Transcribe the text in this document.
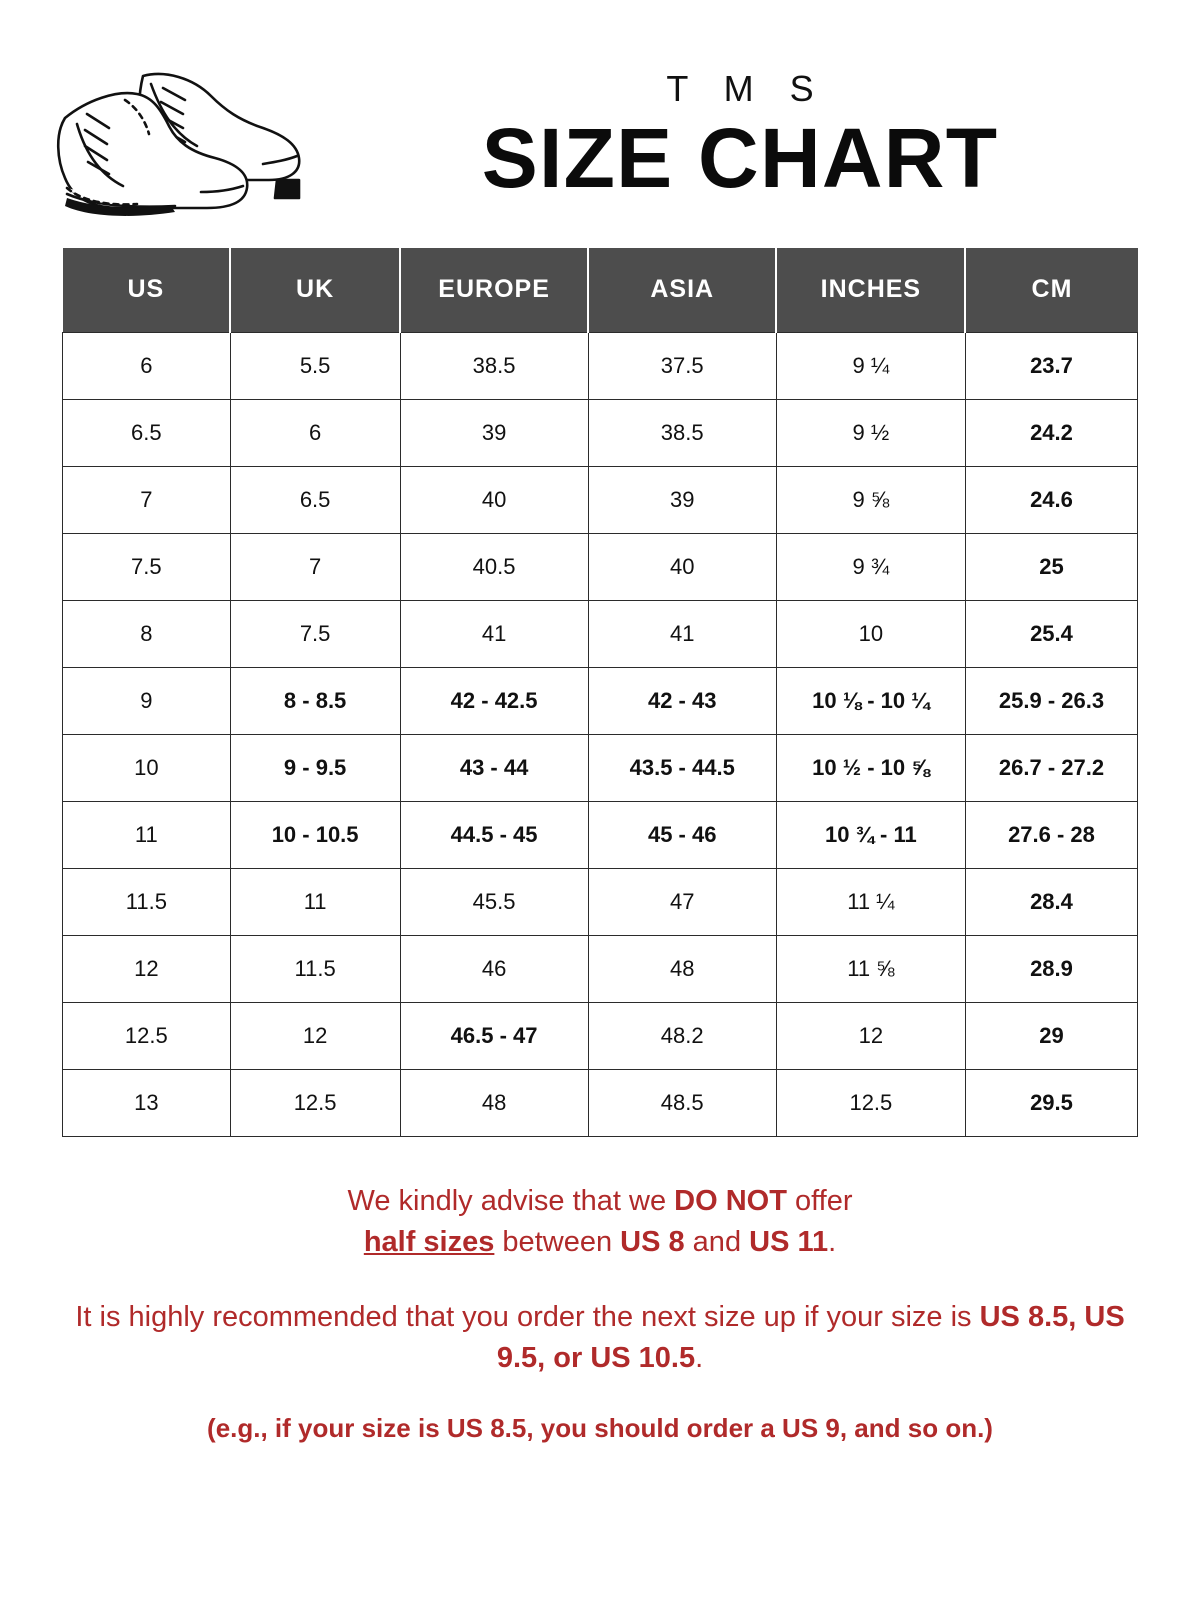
T M S
SIZE CHART
US	UK	EUROPE	ASIA	INCHES	CM
6	5.5	38.5	37.5	9 ¼	23.7
6.5	6	39	38.5	9 ½	24.2
7	6.5	40	39	9 ⅝	24.6
7.5	7	40.5	40	9 ¾	25
8	7.5	41	41	10	25.4
9	8 - 8.5	42 - 42.5	42 - 43	10 ⅛ - 10 ¼	25.9 - 26.3
10	9 - 9.5	43 - 44	43.5 - 44.5	10 ½ - 10 ⅝	26.7 - 27.2
11	10 - 10.5	44.5 - 45	45 - 46	10 ¾ - 11	27.6 - 28
11.5	11	45.5	47	11 ¼	28.4
12	11.5	46	48	11 ⅝	28.9
12.5	12	46.5 - 47	48.2	12	29
13	12.5	48	48.5	12.5	29.5
We kindly advise that we DO NOT offer
half sizes between US 8 and US 11.
It is highly recommended that you order the next size up if your size is US 8.5, US 9.5, or US 10.5.
(e.g., if your size is US 8.5, you should order a US 9, and so on.)
